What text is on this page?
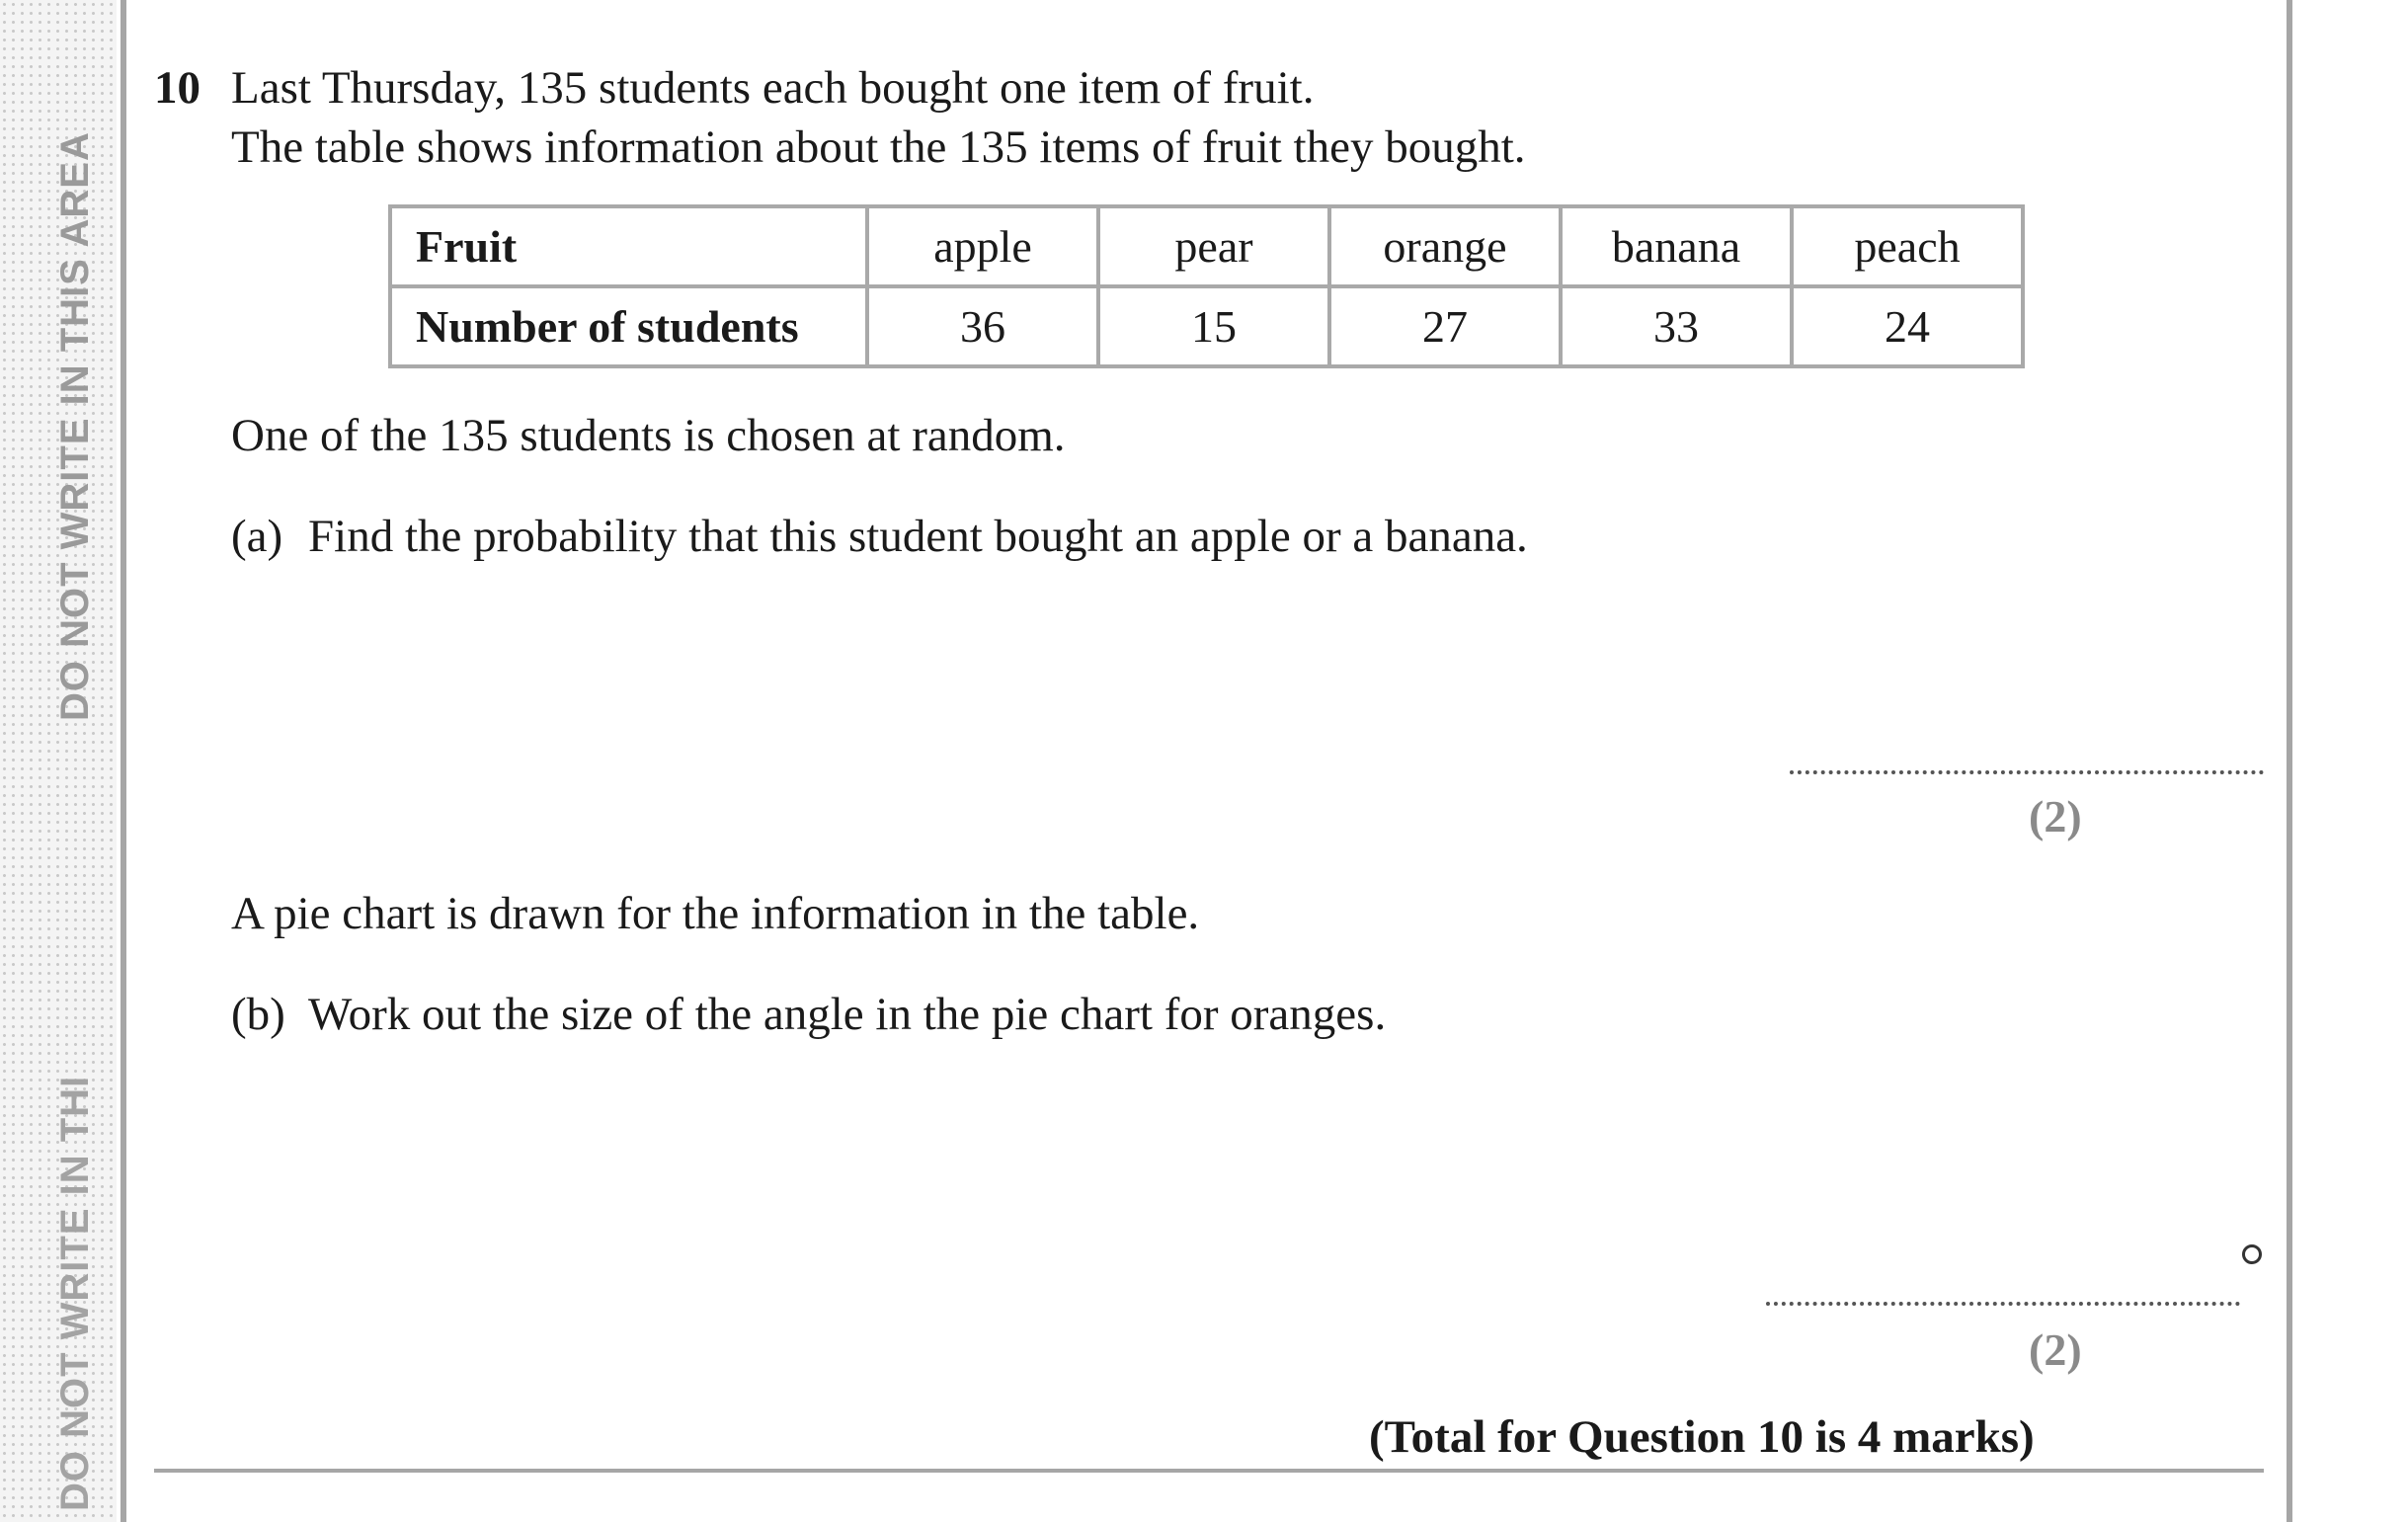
DO NOT WRITE IN THIS AREA
DO NOT WRITE IN THI
10 Last Thursday, 135 students each bought one item of fruit.
The table shows information about the 135 items of fruit they bought.
Fruit	apple	pear	orange	banana	peach
Number of students	36	15	27	33	24
One of the 135 students is chosen at random.
(a) Find the probability that this student bought an apple or a banana.
(2)
A pie chart is drawn for the information in the table.
(b) Work out the size of the angle in the pie chart for oranges.
(2)
(Total for Question 10 is 4 marks)
